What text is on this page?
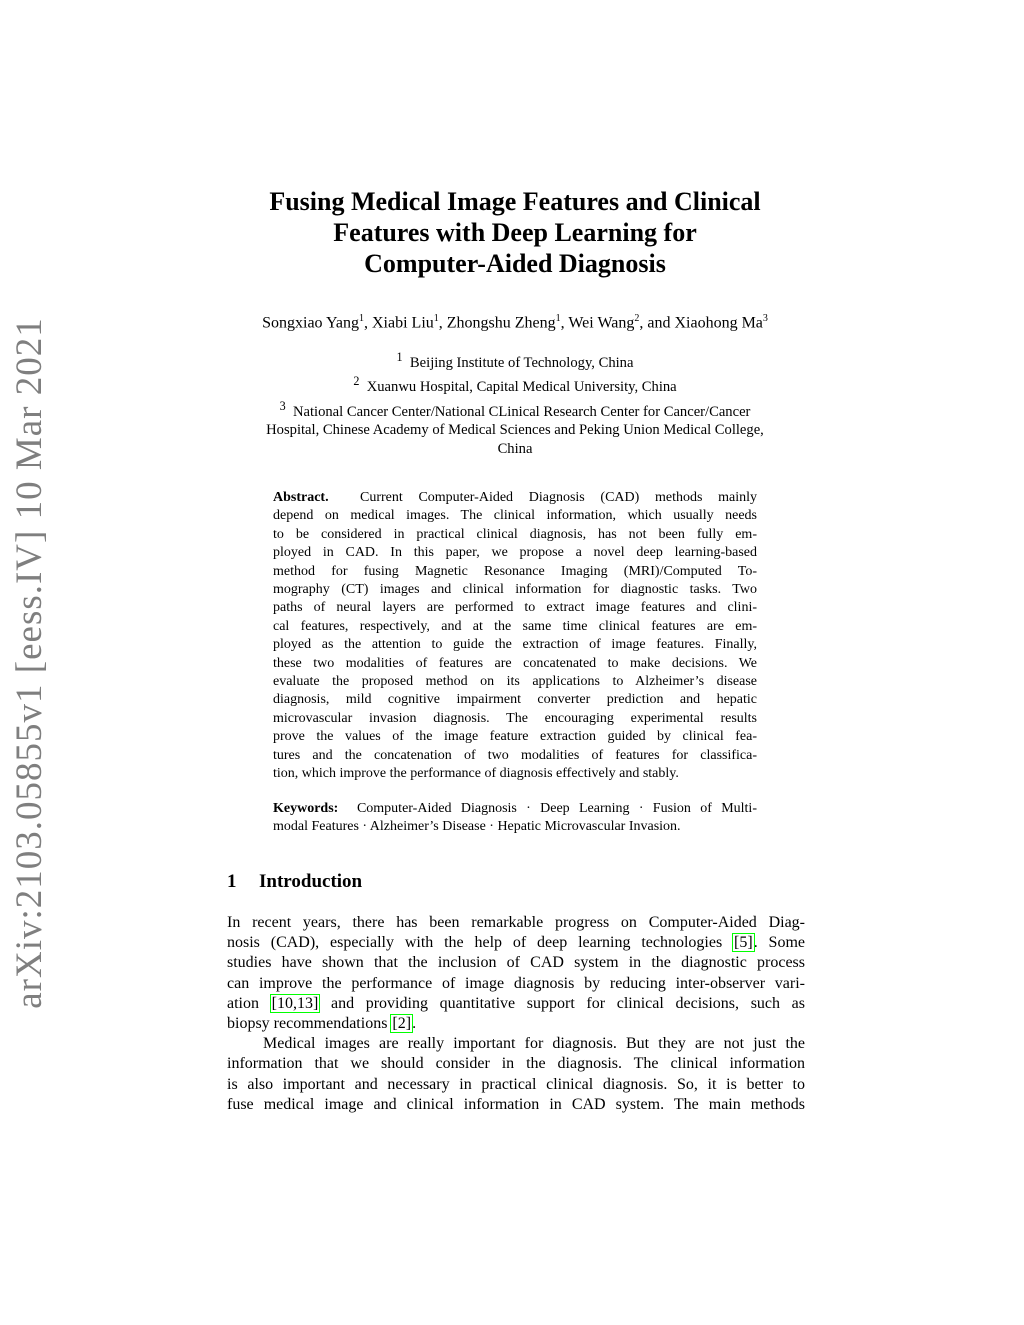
arXiv:2103.05855v1 [eess.IV] 10 Mar 2021
Fusing Medical Image Features and Clinical
Features with Deep Learning for
Computer-Aided Diagnosis
Songxiao Yang$^1$, Xiabi Liu$^1$, Zhongshu Zheng$^1$, Wei Wang$^2$, and Xiaohong Ma$^3$
$^1$ Beijing Institute of Technology, China
$^2$ Xuanwu Hospital, Capital Medical University, China
$^3$ National Cancer Center/National CLinical Research Center for Cancer/Cancer
Hospital, Chinese Academy of Medical Sciences and Peking Union Medical College,
China
Abstract. Current Computer-Aided Diagnosis (CAD) methods mainly
depend on medical images. The clinical information, which usually needs
to be considered in practical clinical diagnosis, has not been fully em-
ployed in CAD. In this paper, we propose a novel deep learning-based
method for fusing Magnetic Resonance Imaging (MRI)/Computed To-
mography (CT) images and clinical information for diagnostic tasks. Two
paths of neural layers are performed to extract image features and clini-
cal features, respectively, and at the same time clinical features are em-
ployed as the attention to guide the extraction of image features. Finally,
these two modalities of features are concatenated to make decisions. We
evaluate the proposed method on its applications to Alzheimer’s disease
diagnosis, mild cognitive impairment converter prediction and hepatic
microvascular invasion diagnosis. The encouraging experimental results
prove the values of the image feature extraction guided by clinical fea-
tures and the concatenation of two modalities of features for classifica-
tion, which improve the performance of diagnosis effectively and stably.
Keywords: Computer-Aided Diagnosis · Deep Learning · Fusion of Multi-
modal Features · Alzheimer’s Disease · Hepatic Microvascular Invasion.
1 Introduction
In recent years, there has been remarkable progress on Computer-Aided Diag-
nosis (CAD), especially with the help of deep learning technologies [5]. Some
studies have shown that the inclusion of CAD system in the diagnostic process
can improve the performance of image diagnosis by reducing inter-observer vari-
ation [10,13] and providing quantitative support for clinical decisions, such as
biopsy recommendations [2].
Medical images are really important for diagnosis. But they are not just the
information that we should consider in the diagnosis. The clinical information
is also important and necessary in practical clinical diagnosis. So, it is better to
fuse medical image and clinical information in CAD system. The main methods
